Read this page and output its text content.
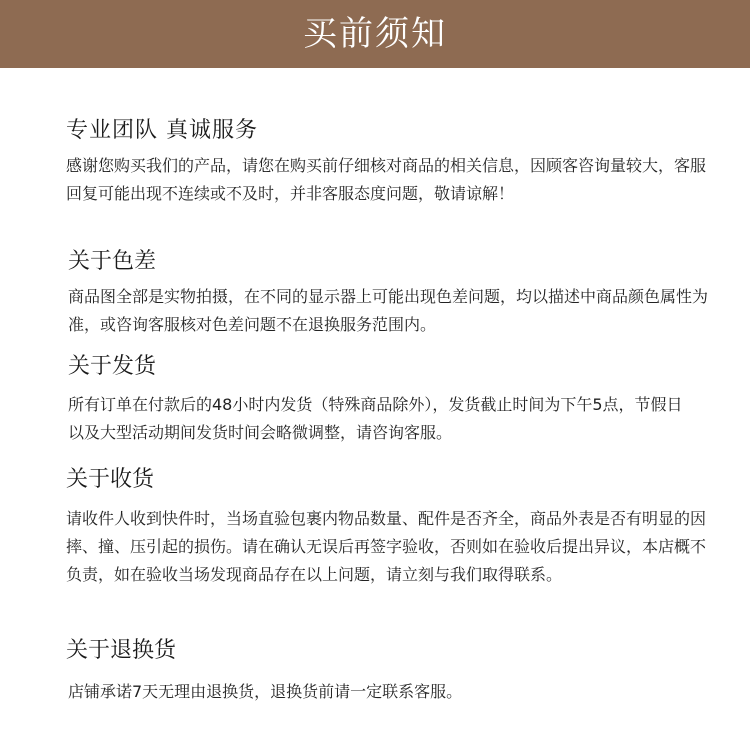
买前须知
专业团队 真诚服务
感谢您购买我们的产品，请您在购买前仔细核对商品的相关信息，因顾客咨询量较大，客服回复可能出现不连续或不及时，并非客服态度问题，敬请谅解！
关于色差
商品图全部是实物拍摄，在不同的显示器上可能出现色差问题，均以描述中商品颜色属性为准，或咨询客服核对色差问题不在退换服务范围内。
关于发货
所有订单在付款后的48小时内发货（特殊商品除外），发货截止时间为下午5点，节假日以及大型活动期间发货时间会略微调整，请咨询客服。
关于收货
请收件人收到快件时，当场直验包裹内物品数量、配件是否齐全，商品外表是否有明显的因摔、撞、压引起的损伤。请在确认无误后再签字验收，否则如在验收后提出异议，本店概不负责，如在验收当场发现商品存在以上问题，请立刻与我们取得联系。
关于退换货
店铺承诺7天无理由退换货，退换货前请一定联系客服。
